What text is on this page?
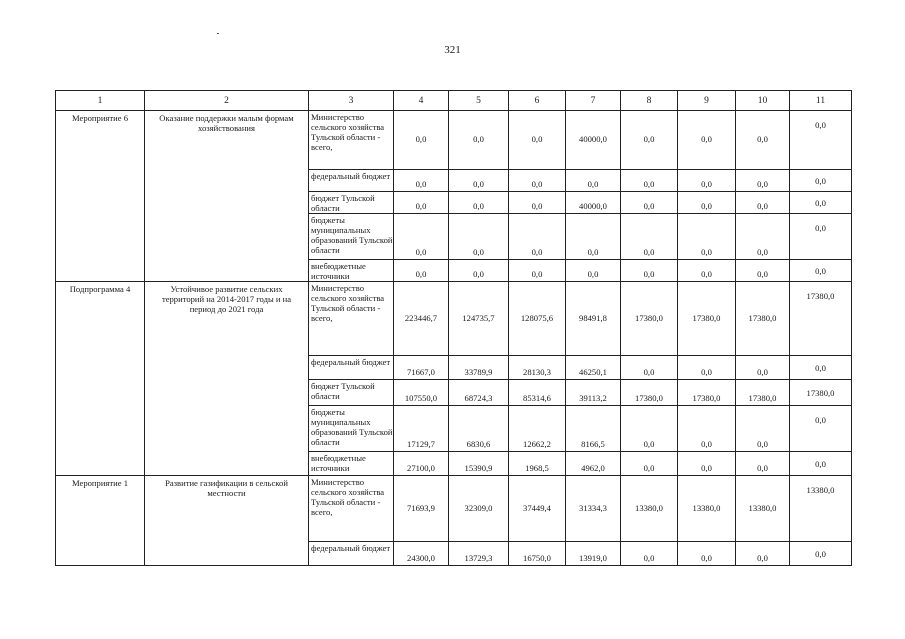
321
1	2	3	4	5	6	7	8	9	10	11
Мероприятие 6	Оказание поддержки малым формам хозяйствования	Министерство сельского хозяйства Тульской области - всего,	0,0	0,0	0,0	40000,0	0,0	0,0	0,0	0,0
		федеральный бюджет	0,0	0,0	0,0	0,0	0,0	0,0	0,0	0,0
		бюджет Тульской области	0,0	0,0	0,0	40000,0	0,0	0,0	0,0	0,0
		бюджеты муниципальных образований Тульской области	0,0	0,0	0,0	0,0	0,0	0,0	0,0	0,0
		внебюджетные источники	0,0	0,0	0,0	0,0	0,0	0,0	0,0	0,0
Подпрограмма 4	Устойчивое развитие сельских территорий на 2014-2017 годы и на период до 2021 года	Министерство сельского хозяйства Тульской области - всего,	223446,7	124735,7	128075,6	98491,8	17380,0	17380,0	17380,0	17380,0
		федеральный бюджет	71667,0	33789,9	28130,3	46250,1	0,0	0,0	0,0	0,0
		бюджет Тульской области	107550,0	68724,3	85314,6	39113,2	17380,0	17380,0	17380,0	17380,0
		бюджеты муниципальных образований Тульской области	17129,7	6830,6	12662,2	8166,5	0,0	0,0	0,0	0,0
		внебюджетные источники	27100,0	15390,9	1968,5	4962,0	0,0	0,0	0,0	0,0
Мероприятие 1	Развитие газификации в сельской местности	Министерство сельского хозяйства Тульской области - всего,	71693,9	32309,0	37449,4	31334,3	13380,0	13380,0	13380,0	13380,0
		федеральный бюджет	24300,0	13729,3	16750,0	13919,0	0,0	0,0	0,0	0,0
